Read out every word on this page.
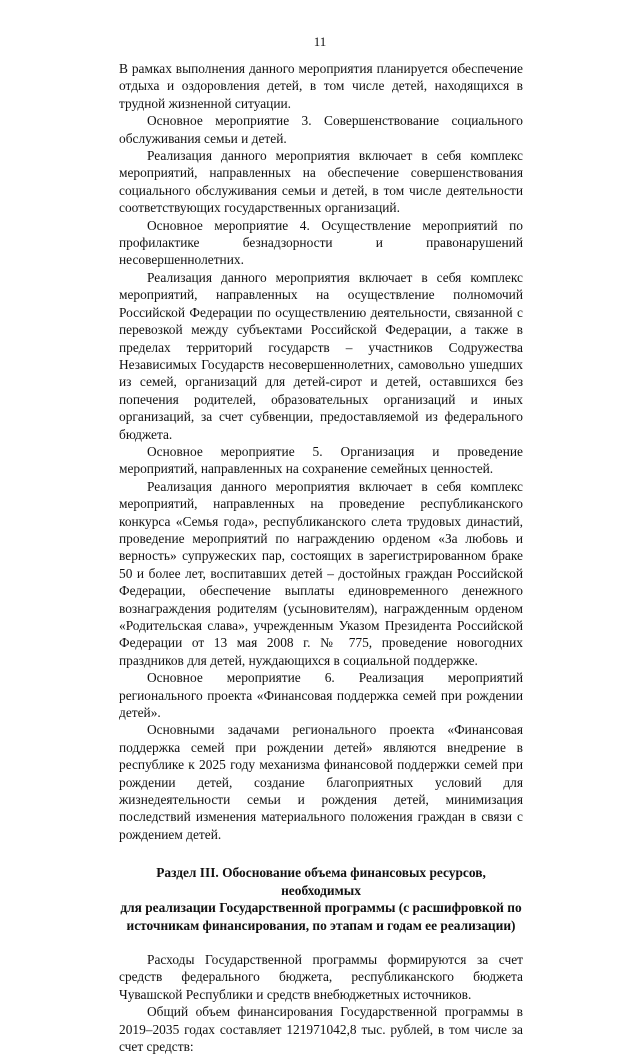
11

В рамках выполнения данного мероприятия планируется обеспечение отдыха и оздоровления детей, в том числе детей, находящихся в трудной жизненной ситуации.

Основное мероприятие 3. Совершенствование социального обслуживания семьи и детей.

Реализация данного мероприятия включает в себя комплекс мероприятий, направленных на обеспечение совершенствования социального обслуживания семьи и детей, в том числе деятельности соответствующих государственных организаций.

Основное мероприятие 4. Осуществление мероприятий по профилактике безнадзорности и правонарушений несовершеннолетних.

Реализация данного мероприятия включает в себя комплекс мероприятий, направленных на осуществление полномочий Российской Федерации по осуществлению деятельности, связанной с перевозкой между субъектами Российской Федерации, а также в пределах территорий государств – участников Содружества Независимых Государств несовершеннолетних, самовольно ушедших из семей, организаций для детей-сирот и детей, оставшихся без попечения родителей, образовательных организаций и иных организаций, за счет субвенции, предоставляемой из федерального бюджета.

Основное мероприятие 5. Организация и проведение мероприятий, направленных на сохранение семейных ценностей.

Реализация данного мероприятия включает в себя комплекс мероприятий, направленных на проведение республиканского конкурса «Семья года», республиканского слета трудовых династий, проведение мероприятий по награждению орденом «За любовь и верность» супружеских пар, состоящих в зарегистрированном браке 50 и более лет, воспитавших детей – достойных граждан Российской Федерации, обеспечение выплаты единовременного денежного вознаграждения родителям (усыновителям), награжденным орденом «Родительская слава», учрежденным Указом Президента Российской Федерации от 13 мая 2008 г. № 775, проведение новогодних праздников для детей, нуждающихся в социальной поддержке.

Основное мероприятие 6. Реализация мероприятий регионального проекта «Финансовая поддержка семей при рождении детей».

Основными задачами регионального проекта «Финансовая поддержка семей при рождении детей» являются внедрение в республике к 2025 году механизма финансовой поддержки семей при рождении детей, создание благоприятных условий для жизнедеятельности семьи и рождения детей, минимизация последствий изменения материального положения граждан в связи с рождением детей.

Раздел III. Обоснование объема финансовых ресурсов, необходимых
для реализации Государственной программы (с расшифровкой по
источникам финансирования, по этапам и годам ее реализации)

Расходы Государственной программы формируются за счет средств федерального бюджета, республиканского бюджета Чувашской Республики и средств внебюджетных источников.

Общий объем финансирования Государственной программы в 2019–2035 годах составляет 121971042,8 тыс. рублей, в том числе за счет средств:
